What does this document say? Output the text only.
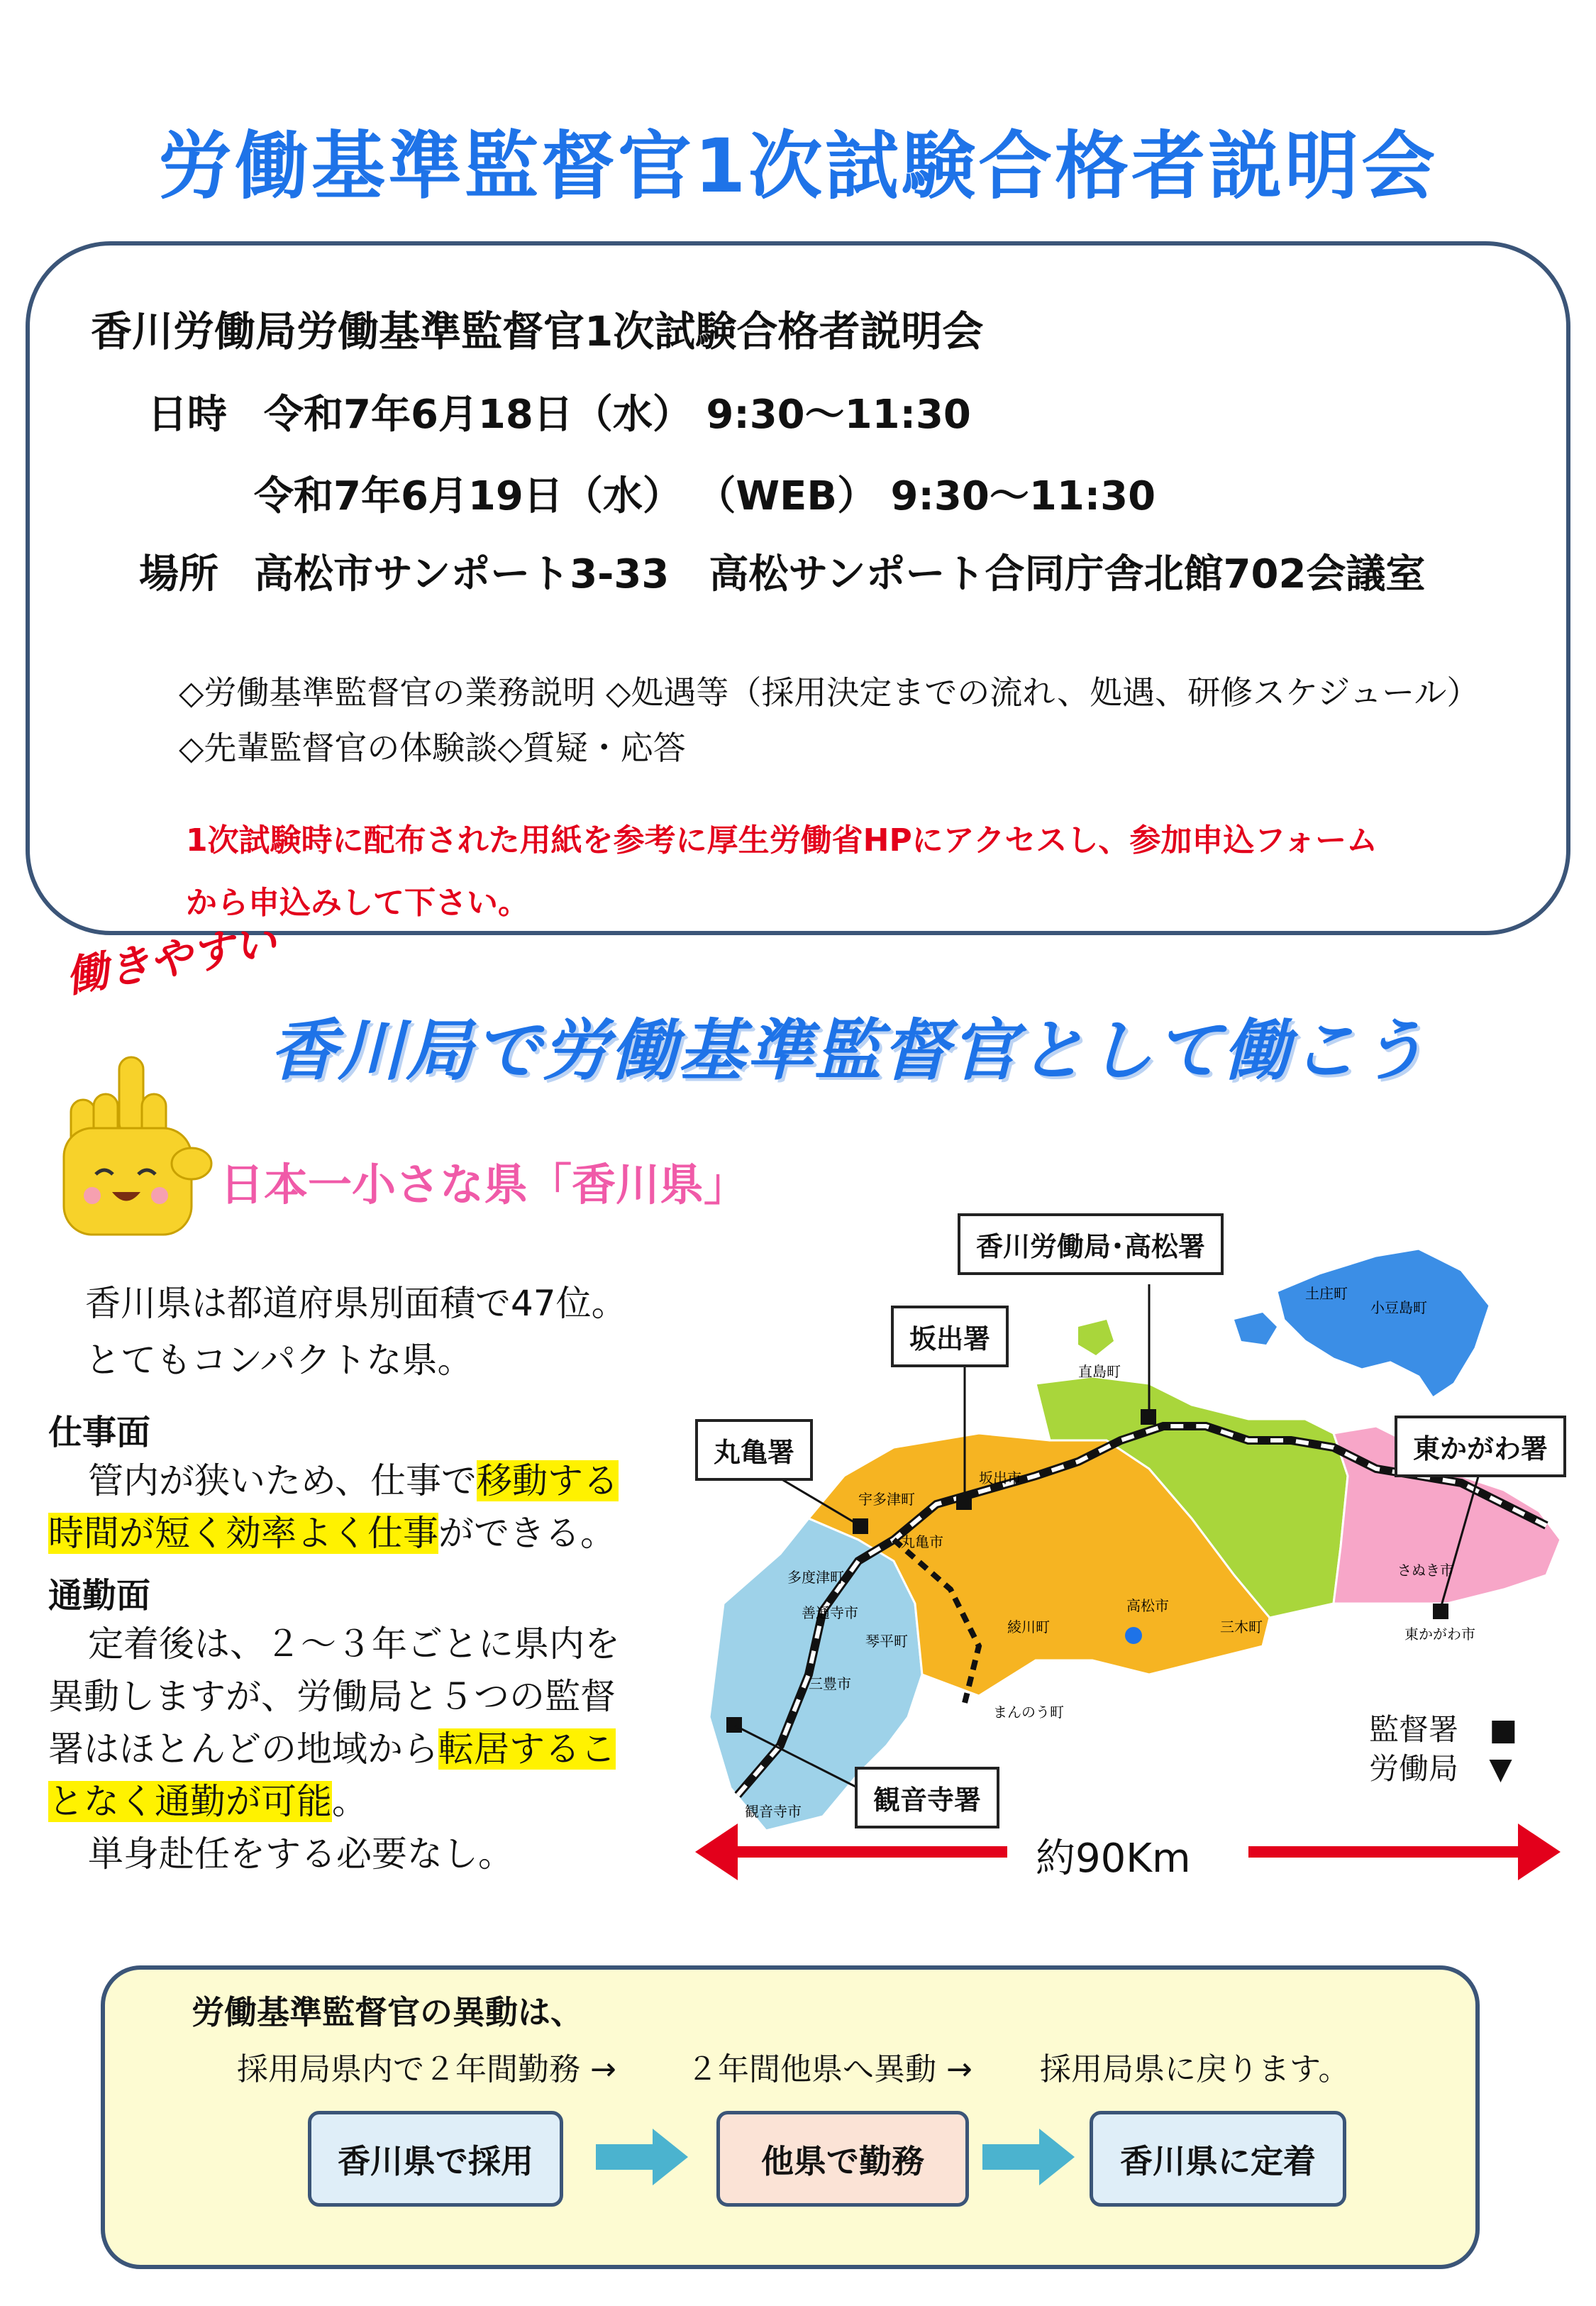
労働基準監督官1次試験合格者説明会
香川労働局労働基準監督官1次試験合格者説明会
日時 令和7年6月18日（水） 9:30～11:30
令和7年6月19日（水） （WEB） 9:30～11:30
場所 高松市サンポート3-33　高松サンポート合同庁舎北館702会議室
◇労働基準監督官の業務説明 ◇処遇等（採用決定までの流れ、処遇、研修スケジュール）
◇先輩監督官の体験談◇質疑・応答
1次試験時に配布された用紙を参考に厚生労働省HPにアクセスし、参加申込フォーム
から申込みして下さい。
働きやすい
香川局で労働基準監督官として働こう
日本一小さな県「香川県」
香川県は都道府県別面積で47位。
とてもコンパクトな県。
仕事面
管内が狭いため、仕事で移動する
時間が短く効率よく仕事ができる。
通勤面
定着後は、２～３年ごとに県内を
異動しますが、労働局と５つの監督
署はほとんどの地域から転居するこ
となく通勤が可能。
単身赴任をする必要なし。
土庄町
小豆島町
直島町
坂出市
宇多津町
丸亀市
多度津町
善通寺市
琴平町
綾川町
高松市
三木町
さぬき市
東かがわ市
三豊市
まんのう町
観音寺市
香川労働局･高松署
坂出署
丸亀署	東かがわ署
観音寺署
監督署 ■
労働局 ▼
約90Km
労働基準監督官の異動は、
採用局県内で２年間勤務 → ２年間他県へ異動 → 採用局県に戻ります。
香川県で採用	他県で勤務	香川県に定着
